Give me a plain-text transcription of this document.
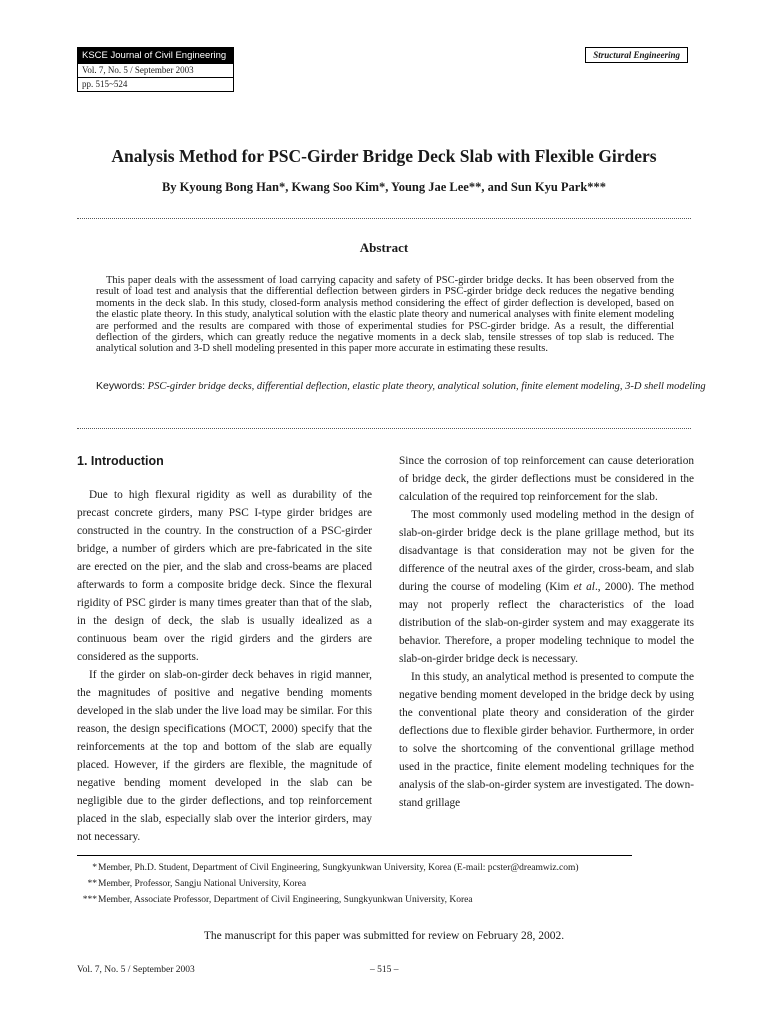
KSCE Journal of Civil Engineering
Vol. 7, No. 5 / September 2003
pp. 515~524
Structural Engineering
Analysis Method for PSC-Girder Bridge Deck Slab with Flexible Girders
By Kyoung Bong Han*, Kwang Soo Kim*, Young Jae Lee**, and Sun Kyu Park***
Abstract
This paper deals with the assessment of load carrying capacity and safety of PSC-girder bridge decks. It has been observed from the result of load test and analysis that the differential deflection between girders in PSC-girder bridge deck reduces the negative bending moments in the deck slab. In this study, closed-form analysis method considering the effect of girder deflection is developed, based on the elastic plate theory. In this study, analytical solution with the elastic plate theory and numerical analyses with finite element modeling are performed and the results are compared with those of experimental studies for PSC-girder bridge. As a result, the differential deflection of the girders, which can greatly reduce the negative moments in a deck slab, tensile stresses of top slab is reduced. The analytical solution and 3-D shell modeling presented in this paper more accurate in estimating these results.
Keywords: PSC-girder bridge decks, differential deflection, elastic plate theory, analytical solution, finite element modeling, 3-D shell modeling
1. Introduction

Due to high flexural rigidity as well as durability of the precast concrete girders, many PSC I-type girder bridges are constructed in the country. In the construction of a PSC-girder bridge, a number of girders which are pre-fabricated in the site are erected on the pier, and the slab and cross-beams are placed afterwards to form a composite bridge deck. Since the flexural rigidity of PSC girder is many times greater than that of the slab, in the design of deck, the slab is usually idealized as a continuous beam over the rigid girders and the girders are considered as the supports.

If the girder on slab-on-girder deck behaves in rigid manner, the magnitudes of positive and negative bending moments developed in the slab under the live load may be similar. For this reason, the design specifications (MOCT, 2000) specify that the reinforcements at the top and bottom of the slab are equally placed. However, if the girders are flexible, the magnitude of negative bending moment developed in the slab can be negligible due to the girder deflections, and top reinforcement placed in the slab, especially slab over the interior girders, may not necessary.

Since the corrosion of top reinforcement can cause deterioration of bridge deck, the girder deflections must be considered in the calculation of the required top reinforcement for the slab.

The most commonly used modeling method in the design of slab-on-girder bridge deck is the plane grillage method, but its disadvantage is that consideration may not be given for the difference of the neutral axes of the girder, cross-beam, and slab during the course of modeling (Kim et al., 2000). The method may not properly reflect the characteristics of the load distribution of the slab-on-girder system and may exaggerate its behavior. Therefore, a proper modeling technique to model the slab-on-girder bridge deck is necessary.

In this study, an analytical method is presented to compute the negative bending moment developed in the bridge deck by using the conventional plate theory and consideration of the girder deflections due to flexible girder behavior. Furthermore, in order to solve the shortcoming of the conventional grillage method used in the practice, finite element modeling techniques for the analysis of the slab-on-girder system are investigated. The down-stand grillage

* Member, Ph.D. Student, Department of Civil Engineering, Sungkyunkwan University, Korea (E-mail: pcster@dreamwiz.com)
** Member, Professor, Sangju National University, Korea
*** Member, Associate Professor, Department of Civil Engineering, Sungkyunkwan University, Korea
The manuscript for this paper was submitted for review on February 28, 2002.
Vol. 7, No. 5 / September 2003	– 515 –
